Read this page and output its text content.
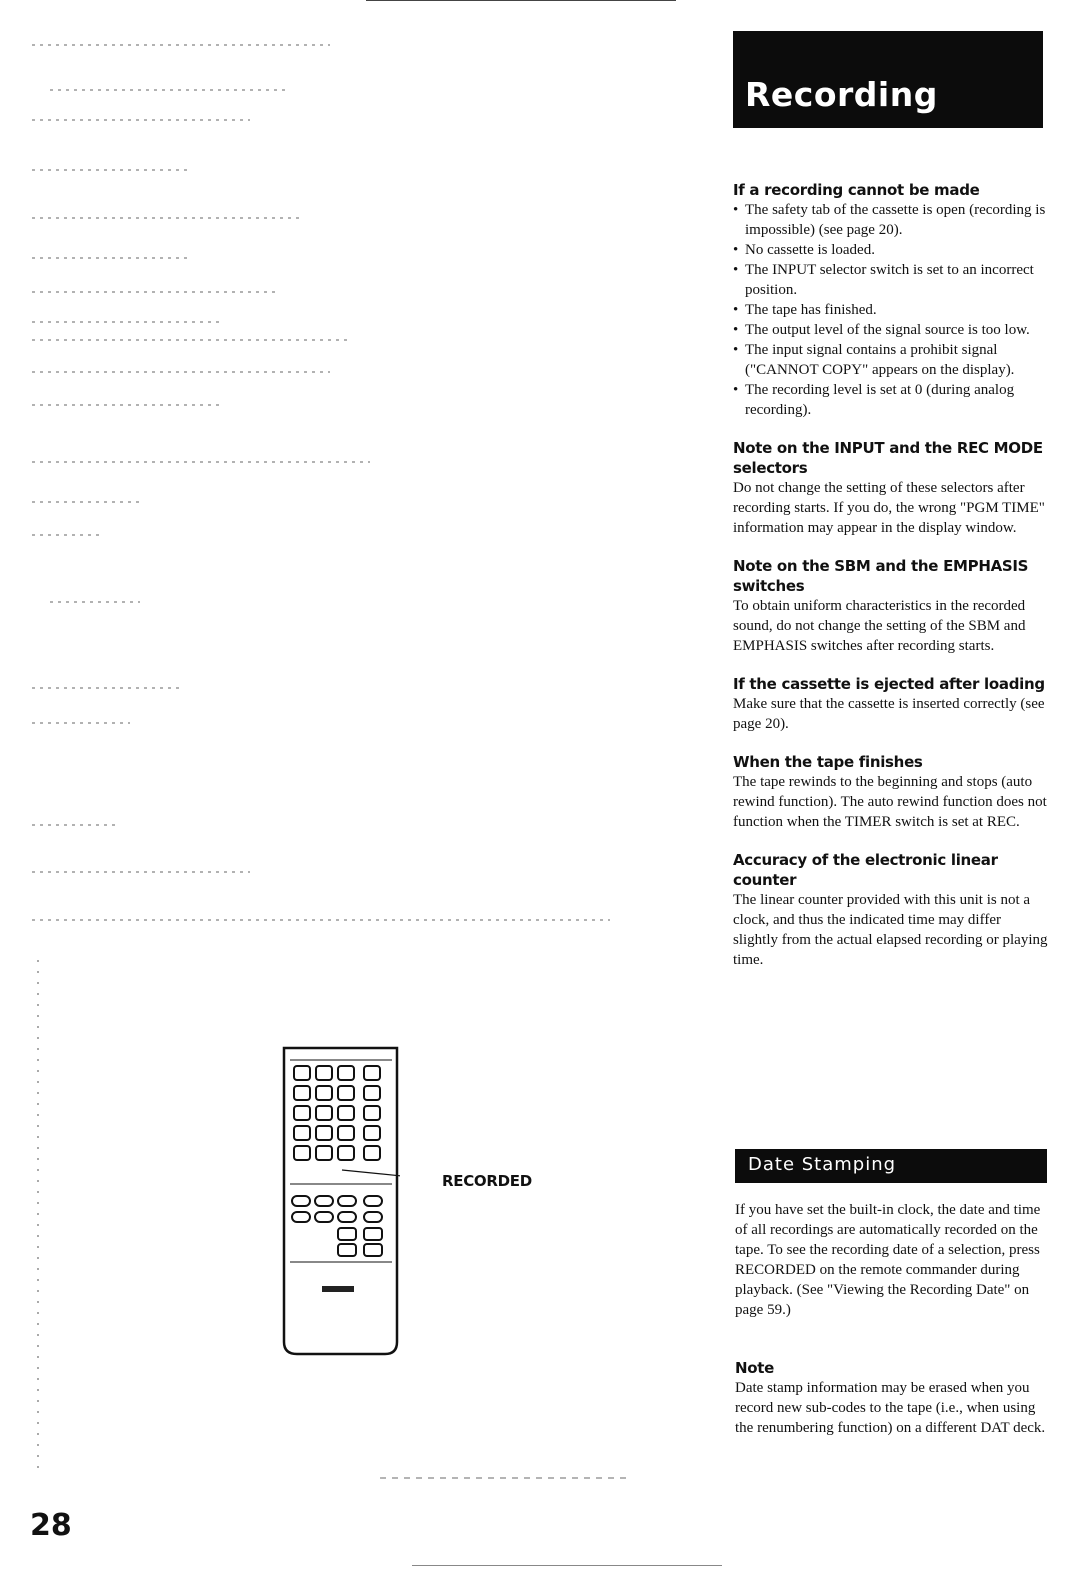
RECORDED
Recording
If a recording cannot be made
• The safety tab of the cassette is open (recording is impossible) (see page 20).
• No cassette is loaded.
• The INPUT selector switch is set to an incorrect position.
• The tape has finished.
• The output level of the signal source is too low.
• The input signal contains a prohibit signal ("CANNOT COPY" appears on the display).
• The recording level is set at 0 (during analog recording).
Note on the INPUT and the REC MODE selectors

Do not change the setting of these selectors after recording starts. If you do, the wrong "PGM TIME" information may appear in the display window.

Note on the SBM and the EMPHASIS switches

To obtain uniform characteristics in the recorded sound, do not change the setting of the SBM and EMPHASIS switches after recording starts.

If the cassette is ejected after loading

Make sure that the cassette is inserted correctly (see page 20).

When the tape finishes

The tape rewinds to the beginning and stops (auto rewind function). The auto rewind function does not function when the TIMER switch is set at REC.

Accuracy of the electronic linear counter

The linear counter provided with this unit is not a clock, and thus the indicated time may differ slightly from the actual elapsed recording or playing time.

Date Stamping

If you have set the built-in clock, the date and time of all recordings are automatically recorded on the tape. To see the recording date of a selection, press RECORDED on the remote commander during playback. (See "Viewing the Recording Date" on page 59.)

Note

Date stamp information may be erased when you record new sub-codes to the tape (i.e., when using the renumbering function) on a different DAT deck.

28
